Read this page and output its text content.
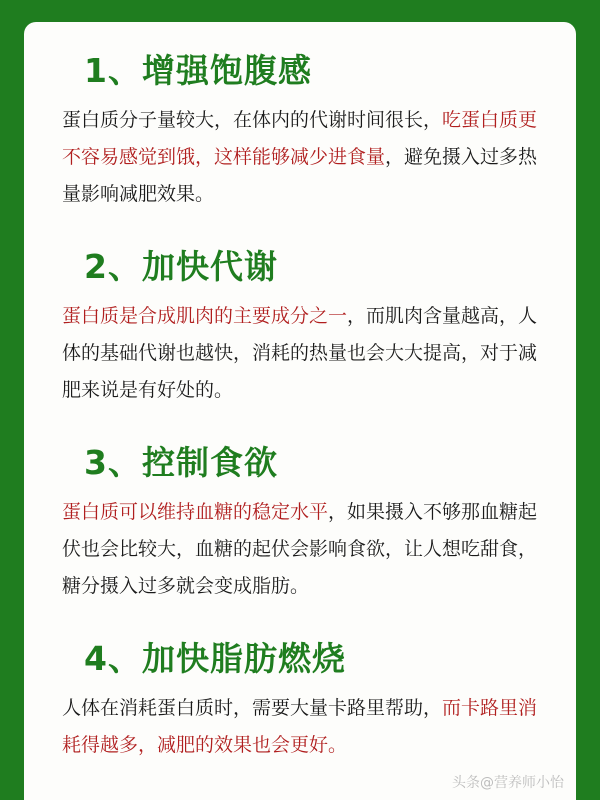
1、增强饱腹感
蛋白质分子量较大，在体内的代谢时间很长，吃蛋白质更不容易感觉到饿，这样能够减少进食量，避免摄入过多热量影响减肥效果。
2、加快代谢
蛋白质是合成肌肉的主要成分之一，而肌肉含量越高，人体的基础代谢也越快，消耗的热量也会大大提高，对于减肥来说是有好处的。
3、控制食欲
蛋白质可以维持血糖的稳定水平，如果摄入不够那血糖起伏也会比较大，血糖的起伏会影响食欲，让人想吃甜食，糖分摄入过多就会变成脂肪。
4、加快脂肪燃烧
人体在消耗蛋白质时，需要大量卡路里帮助，而卡路里消耗得越多，减肥的效果也会更好。
头条@营养师小怡
